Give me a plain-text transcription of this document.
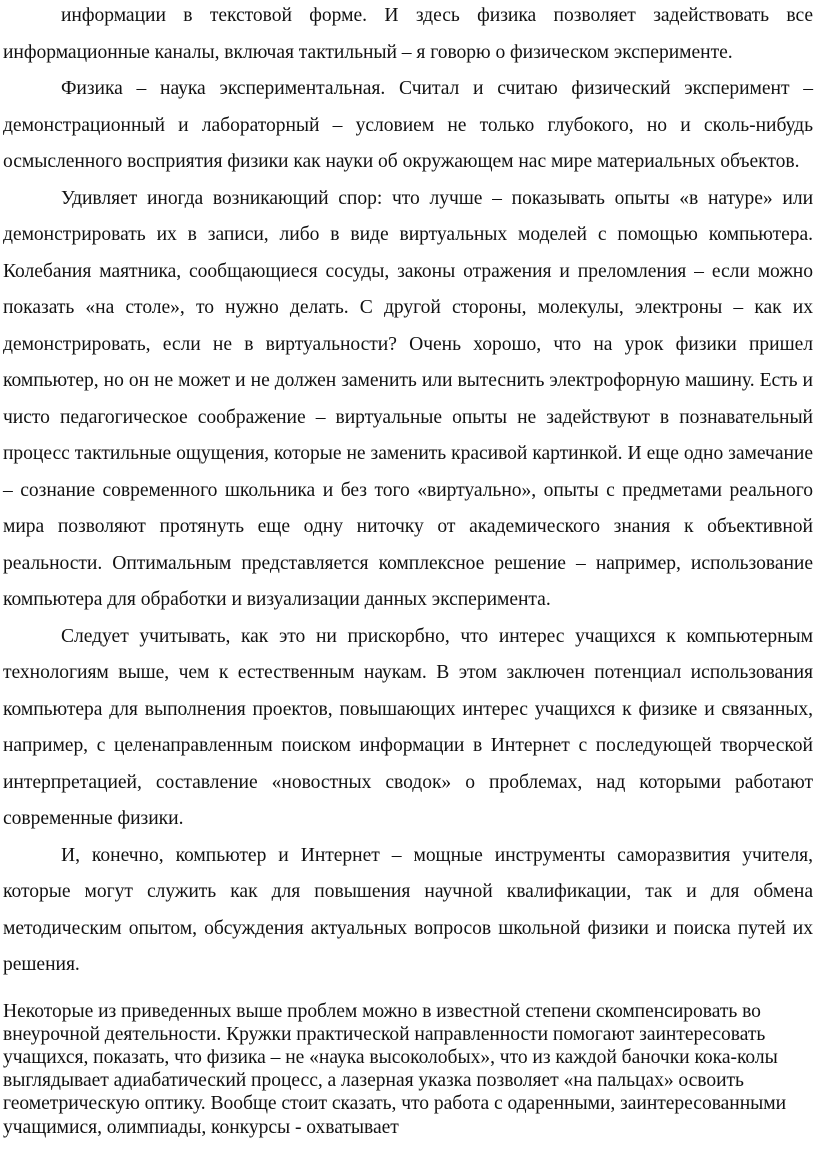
информации в текстовой форме. И здесь физика позволяет задействовать все информационные каналы, включая тактильный – я говорю о физическом эксперименте.

Физика – наука экспериментальная. Считал и считаю физический эксперимент – демонстрационный и лабораторный – условием не только глубокого, но и сколь-нибудь осмысленного восприятия физики как науки об окружающем нас мире материальных объектов.

Удивляет иногда возникающий спор: что лучше – показывать опыты «в натуре» или демонстрировать их в записи, либо в виде виртуальных моделей с помощью компьютера. Колебания маятника, сообщающиеся сосуды, законы отражения и преломления – если можно показать «на столе», то нужно делать. С другой стороны, молекулы, электроны – как их демонстрировать, если не в виртуальности? Очень хорошо, что на урок физики пришел компьютер, но он не может и не должен заменить или вытеснить электрофорную машину. Есть и чисто педагогическое соображение – виртуальные опыты не задействуют в познавательный процесс тактильные ощущения, которые не заменить красивой картинкой. И еще одно замечание – сознание современного школьника и без того «виртуально», опыты с предметами реального мира позволяют протянуть еще одну ниточку от академического знания к объективной реальности. Оптимальным представляется комплексное решение – например, использование компьютера для обработки и визуализации данных эксперимента.

Следует учитывать, как это ни прискорбно, что интерес учащихся к компьютерным технологиям выше, чем к естественным наукам. В этом заключен потенциал использования компьютера для выполнения проектов, повышающих интерес учащихся к физике и связанных, например, с целенаправленным поиском информации в Интернет с последующей творческой интерпретацией, составление «новостных сводок» о проблемах, над которыми работают современные физики.

И, конечно, компьютер и Интернет – мощные инструменты саморазвития учителя, которые могут служить как для повышения научной квалификации, так и для обмена методическим опытом, обсуждения актуальных вопросов школьной физики и поиска путей их решения.

Некоторые из приведенных выше проблем можно в известной степени скомпенсировать во внеурочной деятельности. Кружки практической направленности помогают заинтересовать учащихся, показать, что физика – не «наука высоколобых», что из каждой баночки кока-колы выглядывает адиабатический процесс, а лазерная указка позволяет «на пальцах» освоить геометрическую оптику. Вообще стоит сказать, что работа с одаренными, заинтересованными учащимися, олимпиады, конкурсы - охватывает
